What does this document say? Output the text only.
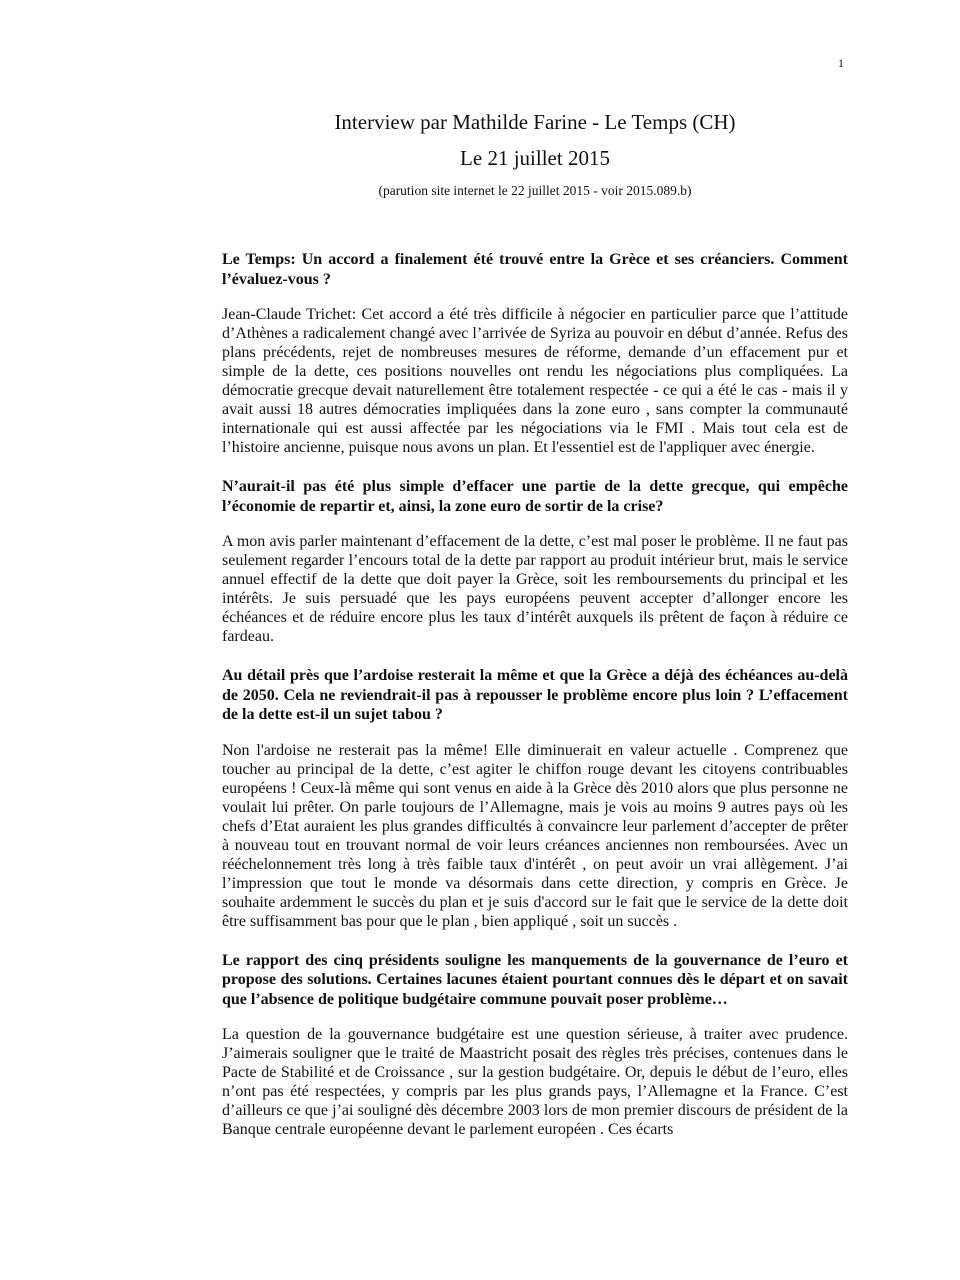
1

Interview par Mathilde Farine - Le Temps (CH)

Le 21 juillet 2015

(parution site internet le 22 juillet 2015 - voir 2015.089.b)

Le Temps: Un accord a finalement été trouvé entre la Grèce et ses créanciers. Comment l’évaluez-vous ?

Jean-Claude Trichet: Cet accord a été très difficile à négocier en particulier parce que l’attitude d’Athènes a radicalement changé avec l’arrivée de Syriza au pouvoir en début d’année. Refus des plans précédents, rejet de nombreuses mesures de réforme, demande d’un effacement pur et simple de la dette, ces positions nouvelles ont rendu les négociations plus compliquées. La démocratie grecque devait naturellement être totalement respectée - ce qui a été le cas - mais il y avait aussi 18 autres démocraties impliquées dans la zone euro , sans compter la communauté internationale qui est aussi affectée par les négociations via le FMI . Mais tout cela est de l’histoire ancienne, puisque nous avons un plan. Et l'essentiel est de l'appliquer avec énergie.

N’aurait-il pas été plus simple d’effacer une partie de la dette grecque, qui empêche l’économie de repartir et, ainsi, la zone euro de sortir de la crise?

A mon avis parler maintenant d’effacement de la dette, c’est mal poser le problème. Il ne faut pas seulement regarder l’encours total de la dette par rapport au produit intérieur brut, mais le service annuel effectif de la dette que doit payer la Grèce, soit les remboursements du principal et les intérêts. Je suis persuadé que les pays européens peuvent accepter d’allonger encore les échéances et de réduire encore plus les taux d’intérêt auxquels ils prêtent de façon à réduire ce fardeau.

Au détail près que l’ardoise resterait la même et que la Grèce a déjà des échéances au-delà de 2050. Cela ne reviendrait-il pas à repousser le problème encore plus loin ? L’effacement de la dette est-il un sujet tabou ?

Non l'ardoise ne resterait pas la même! Elle diminuerait en valeur actuelle . Comprenez que toucher au principal de la dette, c’est agiter le chiffon rouge devant les citoyens contribuables européens ! Ceux-là même qui sont venus en aide à la Grèce dès 2010 alors que plus personne ne voulait lui prêter. On parle toujours de l’Allemagne, mais je vois au moins 9 autres pays où les chefs d’Etat auraient les plus grandes difficultés à convaincre leur parlement d’accepter de prêter à nouveau tout en trouvant normal de voir leurs créances anciennes non remboursées. Avec un rééchelonnement très long à très faible taux d'intérêt , on peut avoir un vrai allègement. J’ai l’impression que tout le monde va désormais dans cette direction, y compris en Grèce. Je souhaite ardemment le succès du plan et je suis d'accord sur le fait que le service de la dette doit être suffisamment bas pour que le plan , bien appliqué , soit un succès .

Le rapport des cinq présidents souligne les manquements de la gouvernance de l’euro et propose des solutions. Certaines lacunes étaient pourtant connues dès le départ et on savait que l’absence de politique budgétaire commune pouvait poser problème…

La question de la gouvernance budgétaire est une question sérieuse, à traiter avec prudence. J’aimerais souligner que le traité de Maastricht posait des règles très précises, contenues dans le Pacte de Stabilité et de Croissance , sur la gestion budgétaire. Or, depuis le début de l’euro, elles n’ont pas été respectées, y compris par les plus grands pays, l’Allemagne et la France. C’est d’ailleurs ce que j’ai souligné dès décembre 2003 lors de mon premier discours de président de la Banque centrale européenne devant le parlement européen . Ces écarts
